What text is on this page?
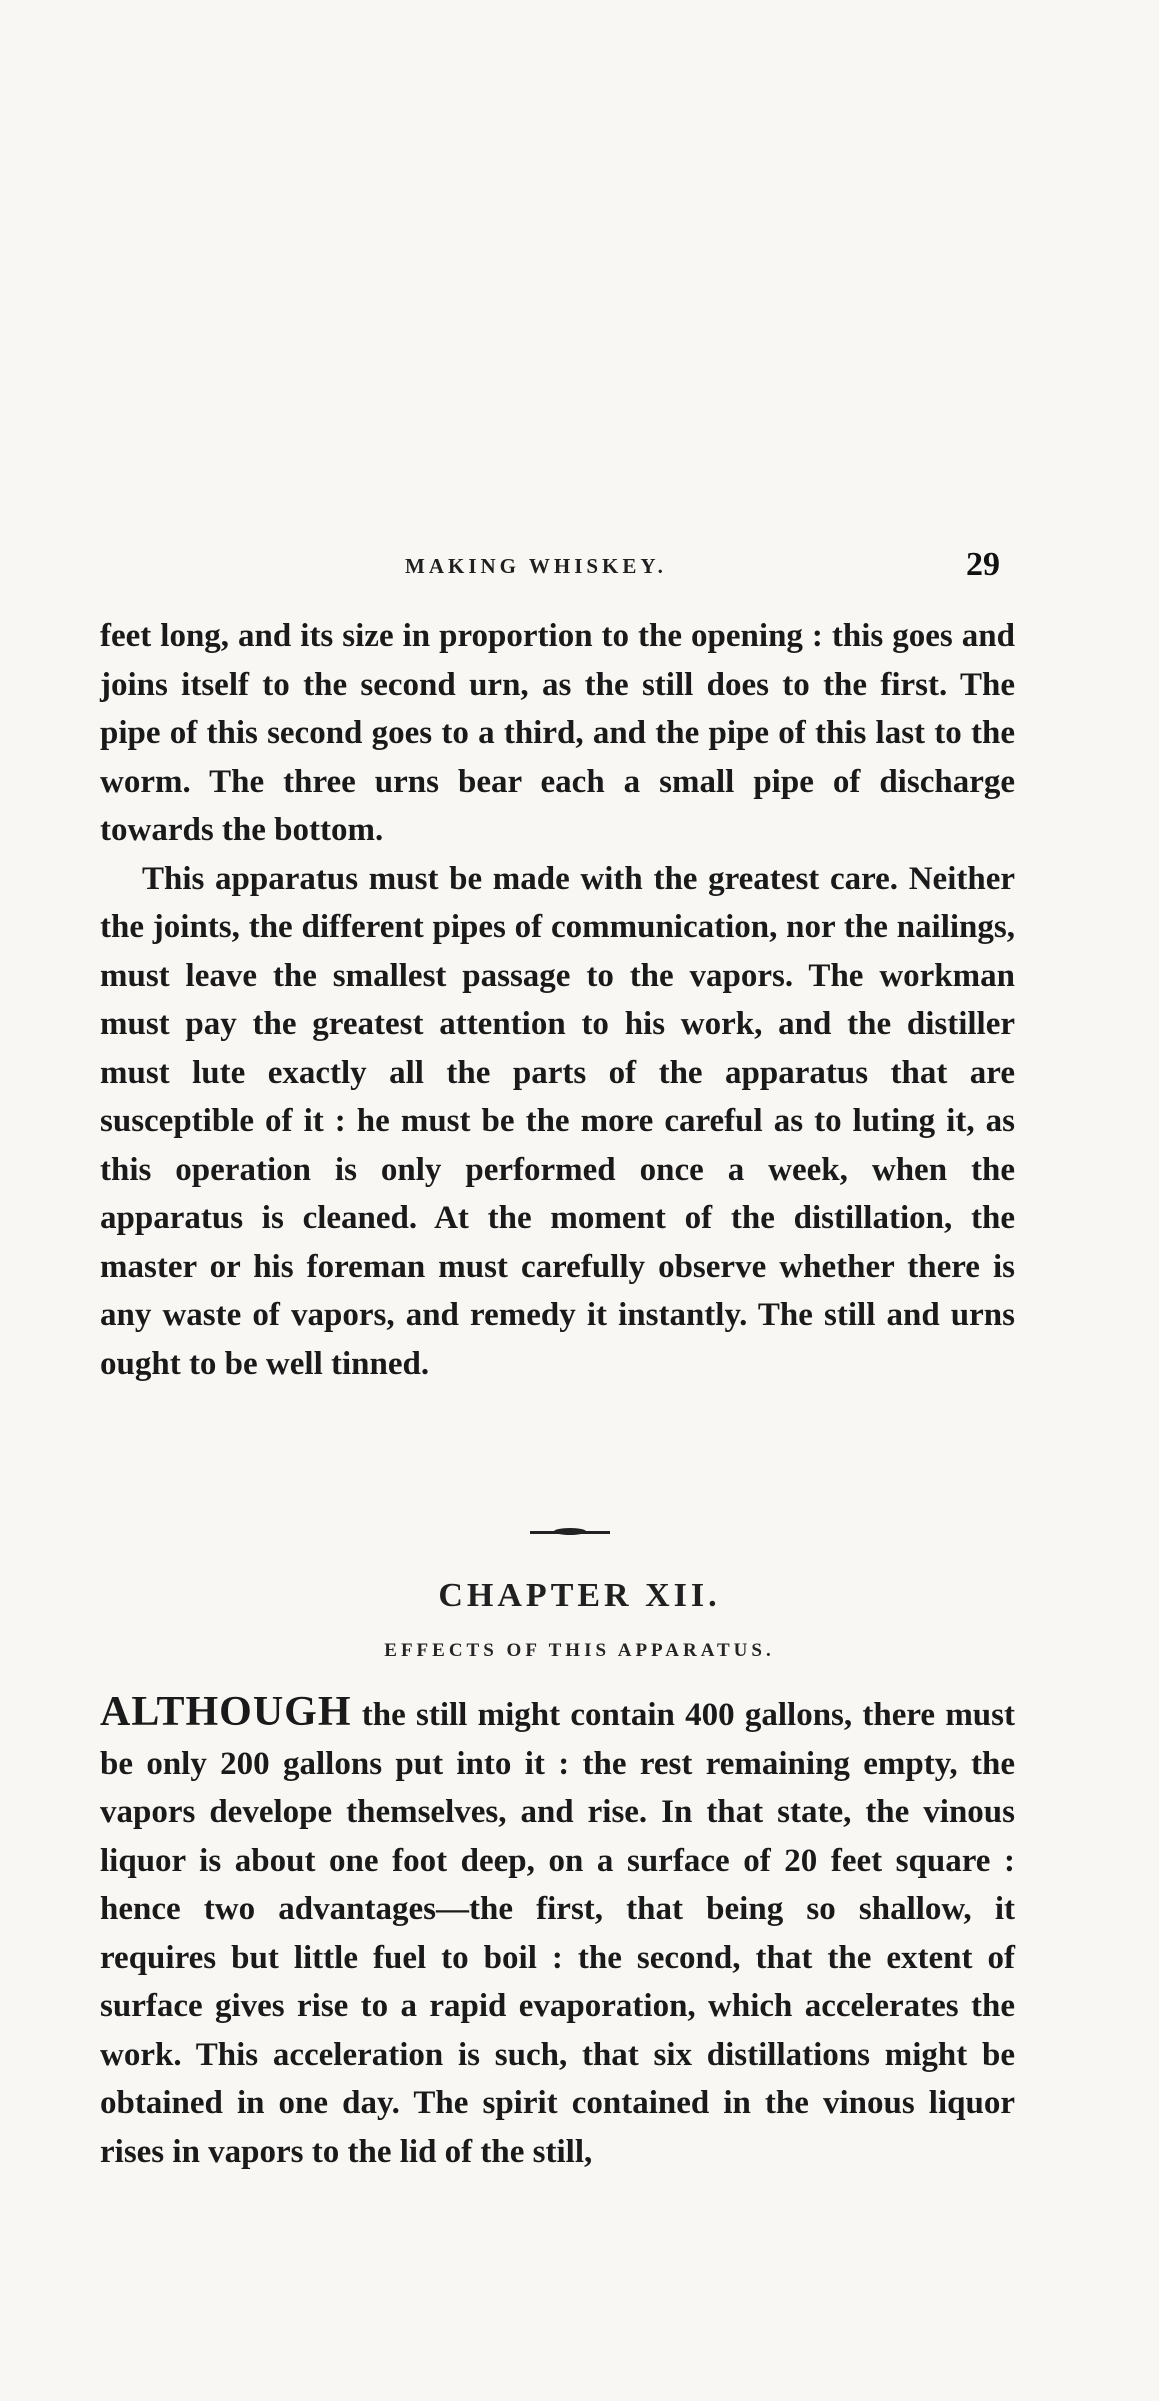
MAKING WHISKEY.	29

feet long, and its size in proportion to the opening : this goes and joins itself to the second urn, as the still does to the first. The pipe of this second goes to a third, and the pipe of this last to the worm. The three urns bear each a small pipe of discharge towards the bottom.

This apparatus must be made with the greatest care. Neither the joints, the different pipes of communication, nor the nailings, must leave the smallest passage to the vapors. The workman must pay the greatest attention to his work, and the distiller must lute exactly all the parts of the apparatus that are susceptible of it : he must be the more careful as to luting it, as this operation is only performed once a week, when the apparatus is cleaned. At the moment of the distillation, the master or his foreman must carefully observe whether there is any waste of vapors, and remedy it instantly. The still and urns ought to be well tinned.

CHAPTER XII.
EFFECTS OF THIS APPARATUS.

ALTHOUGH the still might contain 400 gallons, there must be only 200 gallons put into it : the rest remaining empty, the vapors develope themselves, and rise. In that state, the vinous liquor is about one foot deep, on a surface of 20 feet square : hence two advantages—the first, that being so shallow, it requires but little fuel to boil : the second, that the extent of surface gives rise to a rapid evaporation, which accelerates the work. This acceleration is such, that six distillations might be obtained in one day. The spirit contained in the vinous liquor rises in vapors to the lid of the still,
